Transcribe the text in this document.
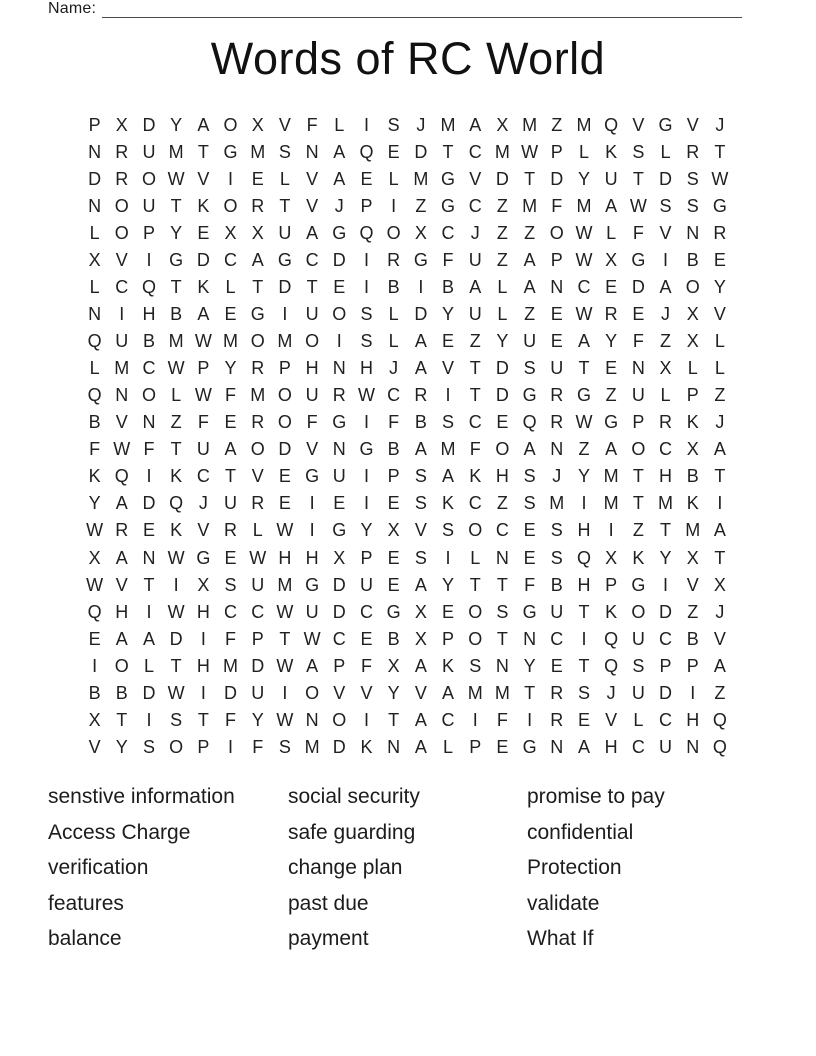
Name:
Words of RC World
P X D Y A O X V F L	I	S J M A X M Z M Q V G V J
N R U M T G M S N A Q E D T C M W P L K S L R T
D R O W V	I	E L V A E L M G V D T D Y U T D S W
N O U T K O R T V J P	I	Z G C Z M F M A W S S G
L O P Y E X X U A G Q O X C J Z Z O W L F V N R
X V	I G D C A G C D	I	R G F U Z A P W X G I	B E
L C Q T K L T D T E	I	B	I	B A L A N C E D A O Y
N	I	H B A E G I	U O S L D Y U L Z E W R E J X V
Q U B M W M O M O I	S L A E Z Y U E A Y F Z X L
L M C W P Y R P H N H J A V T D S U T E N X L L
Q N O L W F M O U R W C R	I	T D G R G Z U L P Z
B V N Z F E R O F G I	F B S C E Q R W G P R K J
F W F T U A O D V N G B A M F O A N Z A O C X A
K Q I	K C T V E G U	I	P S A K H S J Y M T H B T
Y A D Q J U R E	I	E	I	E S K C Z S M I M T M K	I
W R E K V R L W I G Y X V S O C E S H	I	Z T M A
X A N W G E W H H X P E S	I	L N E S Q X K Y X T
W V T	I	X S U M G D U E A Y T T F B H P G I	V X
Q H	I W H C C W U D C G X E O S G U T K O D Z J
E A A D	I	F P T W C E B X P O T N C	I Q U C B V
I O L T H M D W A P F X A K S N Y E T Q S P P A
B B D W I	D U	I O V V Y V A M M T R S J U D	I	Z
X T	I	S T F Y W N O I	T A C	I	F	I	R E V L C H Q
V Y S O P	I	F S M D K N A L P E G N A H C U N Q
senstive information
Access Charge
verification
features
balance
social security
safe guarding
change plan
past due
payment
promise to pay
confidential
Protection
validate
What If
